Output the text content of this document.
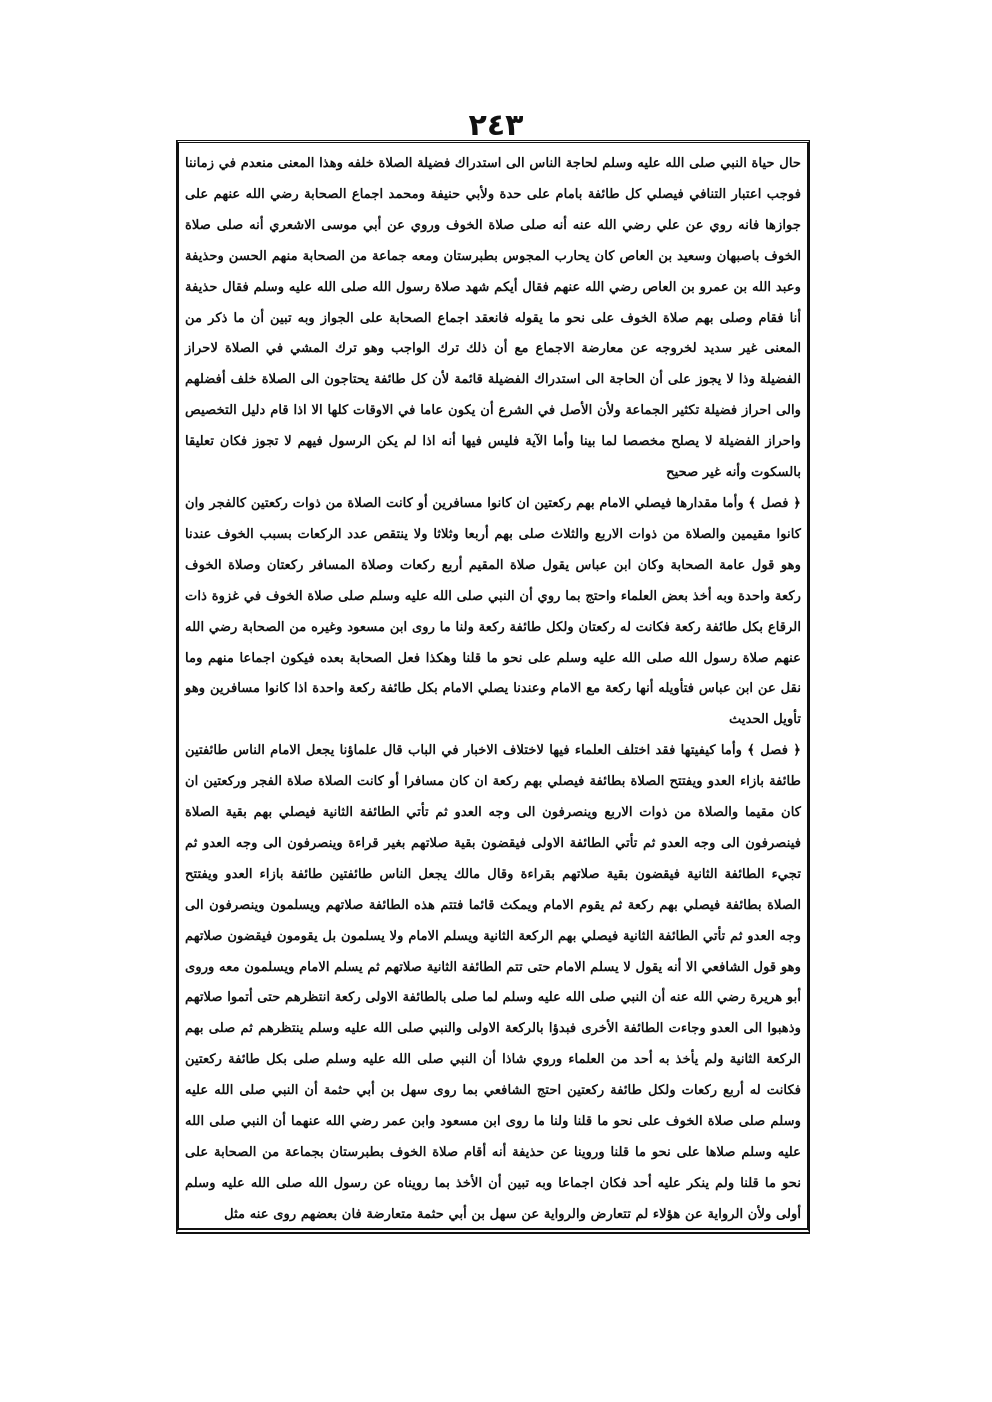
٢٤٣

حال حياة النبي صلى الله عليه وسلم لحاجة الناس الى استدراك فضيلة الصلاة خلفه وهذا المعنى منعدم في زماننا فوجب اعتبار التنافي فيصلي كل طائفة بامام على حدة ولأبي حنيفة ومحمد اجماع الصحابة رضي الله عنهم على جوازها فانه روي عن علي رضي الله عنه أنه صلى صلاة الخوف وروي عن أبي موسى الاشعري أنه صلى صلاة الخوف باصبهان وسعيد بن العاص كان يحارب المجوس بطبرستان ومعه جماعة من الصحابة منهم الحسن وحذيفة وعبد الله بن عمرو بن العاص رضي الله عنهم فقال أيكم شهد صلاة رسول الله صلى الله عليه وسلم فقال حذيفة أنا فقام وصلى بهم صلاة الخوف على نحو ما يقوله فانعقد اجماع الصحابة على الجواز وبه تبين أن ما ذكر من المعنى غير سديد لخروجه عن معارضة الاجماع مع أن ذلك ترك الواجب وهو ترك المشي في الصلاة لاحراز الفضيلة وذا لا يجوز على أن الحاجة الى استدراك الفضيلة قائمة لأن كل طائفة يحتاجون الى الصلاة خلف أفضلهم والى احراز فضيلة تكثير الجماعة ولأن الأصل في الشرع أن يكون عاما في الاوقات كلها الا اذا قام دليل التخصيص واحراز الفضيلة لا يصلح مخصصا لما بينا وأما الآية فليس فيها أنه اذا لم يكن الرسول فيهم لا تجوز فكان تعليقا بالسكوت وأنه غير صحيح

﴿ فصل ﴾ وأما مقدارها فيصلي الامام بهم ركعتين ان كانوا مسافرين أو كانت الصلاة من ذوات ركعتين كالفجر وان كانوا مقيمين والصلاة من ذوات الاربع والثلاث صلى بهم أربعا وثلاثا ولا ينتقص عدد الركعات بسبب الخوف عندنا وهو قول عامة الصحابة وكان ابن عباس يقول صلاة المقيم أربع ركعات وصلاة المسافر ركعتان وصلاة الخوف ركعة واحدة وبه أخذ بعض العلماء واحتج بما روي أن النبي صلى الله عليه وسلم صلى صلاة الخوف في غزوة ذات الرقاع بكل طائفة ركعة فكانت له ركعتان ولكل طائفة ركعة ولنا ما روى ابن مسعود وغيره من الصحابة رضي الله عنهم صلاة رسول الله صلى الله عليه وسلم على نحو ما قلنا وهكذا فعل الصحابة بعده فيكون اجماعا منهم وما نقل عن ابن عباس فتأويله أنها ركعة مع الامام وعندنا يصلي الامام بكل طائفة ركعة واحدة اذا كانوا مسافرين وهو تأويل الحديث

﴿ فصل ﴾ وأما كيفيتها فقد اختلف العلماء فيها لاختلاف الاخبار في الباب قال علماؤنا يجعل الامام الناس طائفتين طائفة بازاء العدو ويفتتح الصلاة بطائفة فيصلي بهم ركعة ان كان مسافرا أو كانت الصلاة صلاة الفجر وركعتين ان كان مقيما والصلاة من ذوات الاربع وينصرفون الى وجه العدو ثم تأتي الطائفة الثانية فيصلي بهم بقية الصلاة فينصرفون الى وجه العدو ثم تأتي الطائفة الاولى فيقضون بقية صلاتهم بغير قراءة وينصرفون الى وجه العدو ثم تجيء الطائفة الثانية فيقضون بقية صلاتهم بقراءة وقال مالك يجعل الناس طائفتين طائفة بازاء العدو ويفتتح الصلاة بطائفة فيصلي بهم ركعة ثم يقوم الامام ويمكث قائما فتتم هذه الطائفة صلاتهم ويسلمون وينصرفون الى وجه العدو ثم تأتي الطائفة الثانية فيصلي بهم الركعة الثانية ويسلم الامام ولا يسلمون بل يقومون فيقضون صلاتهم وهو قول الشافعي الا أنه يقول لا يسلم الامام حتى تتم الطائفة الثانية صلاتهم ثم يسلم الامام ويسلمون معه وروى أبو هريرة رضي الله عنه أن النبي صلى الله عليه وسلم لما صلى بالطائفة الاولى ركعة انتظرهم حتى أتموا صلاتهم وذهبوا الى العدو وجاءت الطائفة الأخرى فبدؤا بالركعة الاولى والنبي صلى الله عليه وسلم ينتظرهم ثم صلى بهم الركعة الثانية ولم يأخذ به أحد من العلماء وروي شاذا أن النبي صلى الله عليه وسلم صلى بكل طائفة ركعتين فكانت له أربع ركعات ولكل طائفة ركعتين احتج الشافعي بما روى سهل بن أبي حثمة أن النبي صلى الله عليه وسلم صلى صلاة الخوف على نحو ما قلنا ولنا ما روى ابن مسعود وابن عمر رضي الله عنهما أن النبي صلى الله عليه وسلم صلاها على نحو ما قلنا وروينا عن حذيفة أنه أقام صلاة الخوف بطبرستان بجماعة من الصحابة على نحو ما قلنا ولم ينكر عليه أحد فكان اجماعا وبه تبين أن الأخذ بما رويناه عن رسول الله صلى الله عليه وسلم أولى ولأن الرواية عن هؤلاء لم تتعارض والرواية عن سهل بن أبي حثمة متعارضة فان بعضهم روى عنه مثل
